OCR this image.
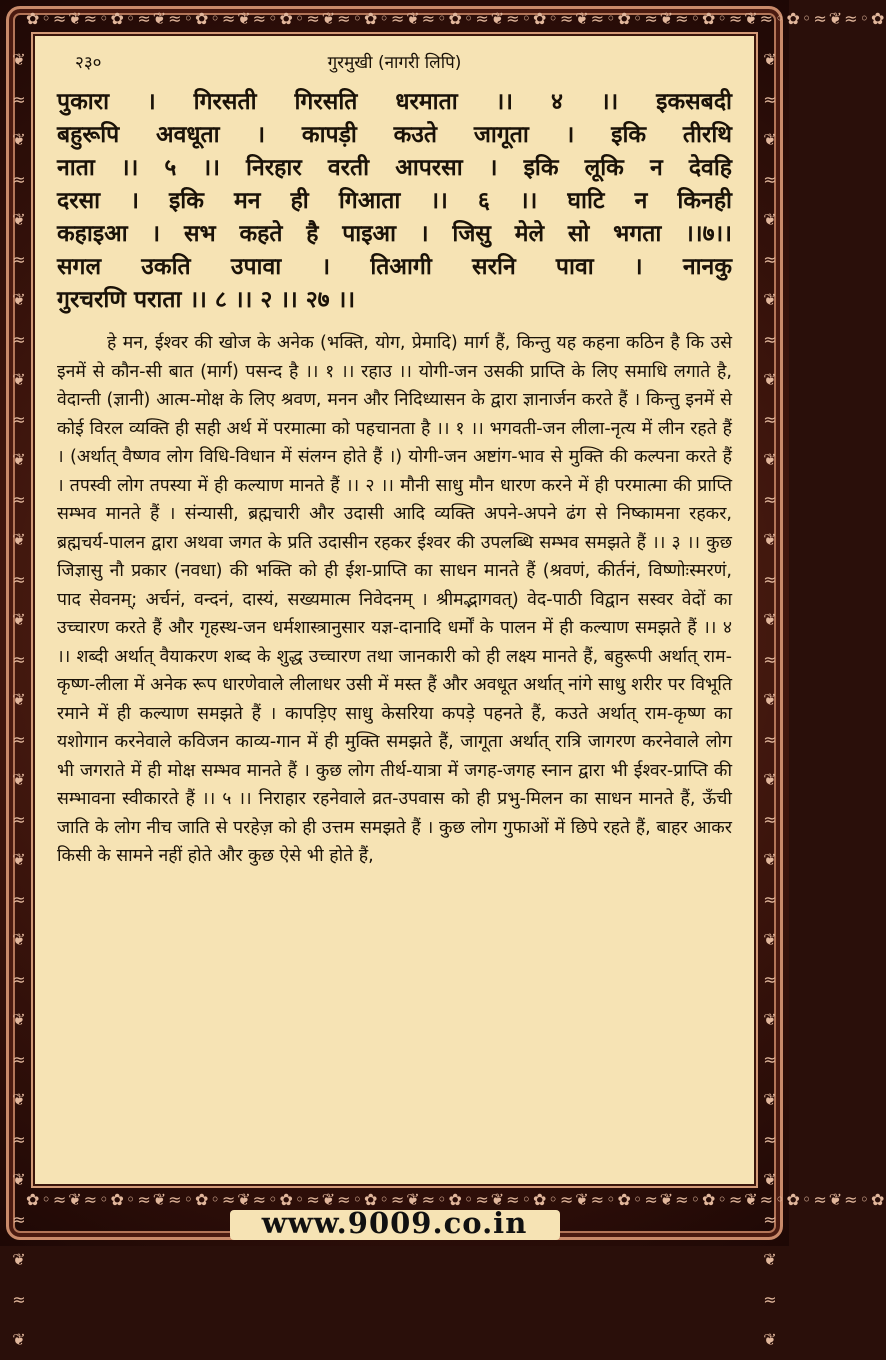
✿◦≈❦≈◦✿◦≈❦≈◦✿◦≈❦≈◦✿◦≈❦≈◦✿◦≈❦≈◦✿◦≈❦≈◦✿◦≈❦≈◦✿◦≈❦≈◦✿◦≈❦≈◦✿◦≈❦≈◦✿
✿◦≈❦≈◦✿◦≈❦≈◦✿◦≈❦≈◦✿◦≈❦≈◦✿◦≈❦≈◦✿◦≈❦≈◦✿◦≈❦≈◦✿◦≈❦≈◦✿◦≈❦≈◦✿◦≈❦≈◦✿
❦
≈
❦
≈
❦
≈
❦
≈
❦
≈
❦
≈
❦
≈
❦
≈
❦
≈
❦
≈
❦
≈
❦
≈
❦
≈
❦
≈
❦
≈
❦
≈
❦
❦
≈
❦
≈
❦
≈
❦
≈
❦
≈
❦
≈
❦
≈
❦
≈
❦
≈
❦
≈
❦
≈
❦
≈
❦
≈
❦
≈
❦
≈
❦
≈
❦
२३०	गुरमुखी (नागरी लिपि)
पुकारा । गिरसती गिरसति धरमाता ।। ४ ।। इकसबदी
बहुरूपि अवधूता । कापड़ी कउते जागूता । इकि तीरथि
नाता ।। ५ ।। निरहार वरती आपरसा । इकि लूकि न देवहि
दरसा । इकि मन ही गिआता ।। ६ ।। घाटि न किनही
कहाइआ । सभ कहते है पाइआ । जिसु मेले सो भगता ।।७।।
सगल उकति उपावा । तिआगी सरनि पावा । नानकु
गुरचरणि पराता ।। ८ ।। २ ।। २७ ।।
हे मन, ईश्वर की खोज के अनेक (भक्ति, योग, प्रेमादि) मार्ग हैं, किन्तु यह कहना कठिन है कि उसे इनमें से कौन-सी बात (मार्ग) पसन्द है ।। १ ।। रहाउ ।। योगी-जन उसकी प्राप्ति के लिए समाधि लगाते है, वेदान्ती (ज्ञानी) आत्म-मोक्ष के लिए श्रवण, मनन और निदिध्यासन के द्वारा ज्ञानार्जन करते हैं । किन्तु इनमें से कोई विरल व्यक्ति ही सही अर्थ में परमात्मा को पहचानता है ।। १ ।। भगवती-जन लीला-नृत्य में लीन रहते हैं । (अर्थात् वैष्णव लोग विधि-विधान में संलग्न होते हैं ।) योगी-जन अष्टांग-भाव से मुक्ति की कल्पना करते हैं । तपस्वी लोग तपस्या में ही कल्याण मानते हैं ।। २ ।। मौनी साधु मौन धारण करने में ही परमात्मा की प्राप्ति सम्भव मानते हैं । संन्यासी, ब्रह्मचारी और उदासी आदि व्यक्ति अपने-अपने ढंग से निष्कामना रहकर, ब्रह्मचर्य-पालन द्वारा अथवा जगत के प्रति उदासीन रहकर ईश्वर की उपलब्धि सम्भव समझते हैं ।। ३ ।। कुछ जिज्ञासु नौ प्रकार (नवधा) की भक्ति को ही ईश-प्राप्ति का साधन मानते हैं (श्रवणं, कीर्तनं, विष्णोःस्मरणं, पाद सेवनम्; अर्चनं, वन्दनं, दास्यं, सख्यमात्म निवेदनम् । श्रीमद्भागवत्) वेद-पाठी विद्वान सस्वर वेदों का उच्चारण करते हैं और गृहस्थ-जन धर्मशास्त्रानुसार यज्ञ-दानादि धर्मों के पालन में ही कल्याण समझते हैं ।। ४ ।। शब्दी अर्थात् वैयाकरण शब्द के शुद्ध उच्चारण तथा जानकारी को ही लक्ष्य मानते हैं, बहुरूपी अर्थात् राम-कृष्ण-लीला में अनेक रूप धारणेवाले लीलाधर उसी में मस्त हैं और अवधूत अर्थात् नांगे साधु शरीर पर विभूति रमाने में ही कल्याण समझते हैं । कापड़िए साधु केसरिया कपड़े पहनते हैं, कउते अर्थात् राम-कृष्ण का यशोगान करनेवाले कविजन काव्य-गान में ही मुक्ति समझते हैं, जागूता अर्थात् रात्रि जागरण करनेवाले लोग भी जगराते में ही मोक्ष सम्भव मानते हैं । कुछ लोग तीर्थ-यात्रा में जगह-जगह स्नान द्वारा भी ईश्वर-प्राप्ति की सम्भावना स्वीकारते हैं ।। ५ ।। निराहार रहनेवाले व्रत-उपवास को ही प्रभु-मिलन का साधन मानते हैं, ऊँची जाति के लोग नीच जाति से परहेज़ को ही उत्तम समझते हैं । कुछ लोग गुफाओं में छिपे रहते हैं, बाहर आकर किसी के सामने नहीं होते और कुछ ऐसे भी होते हैं,
www.9009.co.in
